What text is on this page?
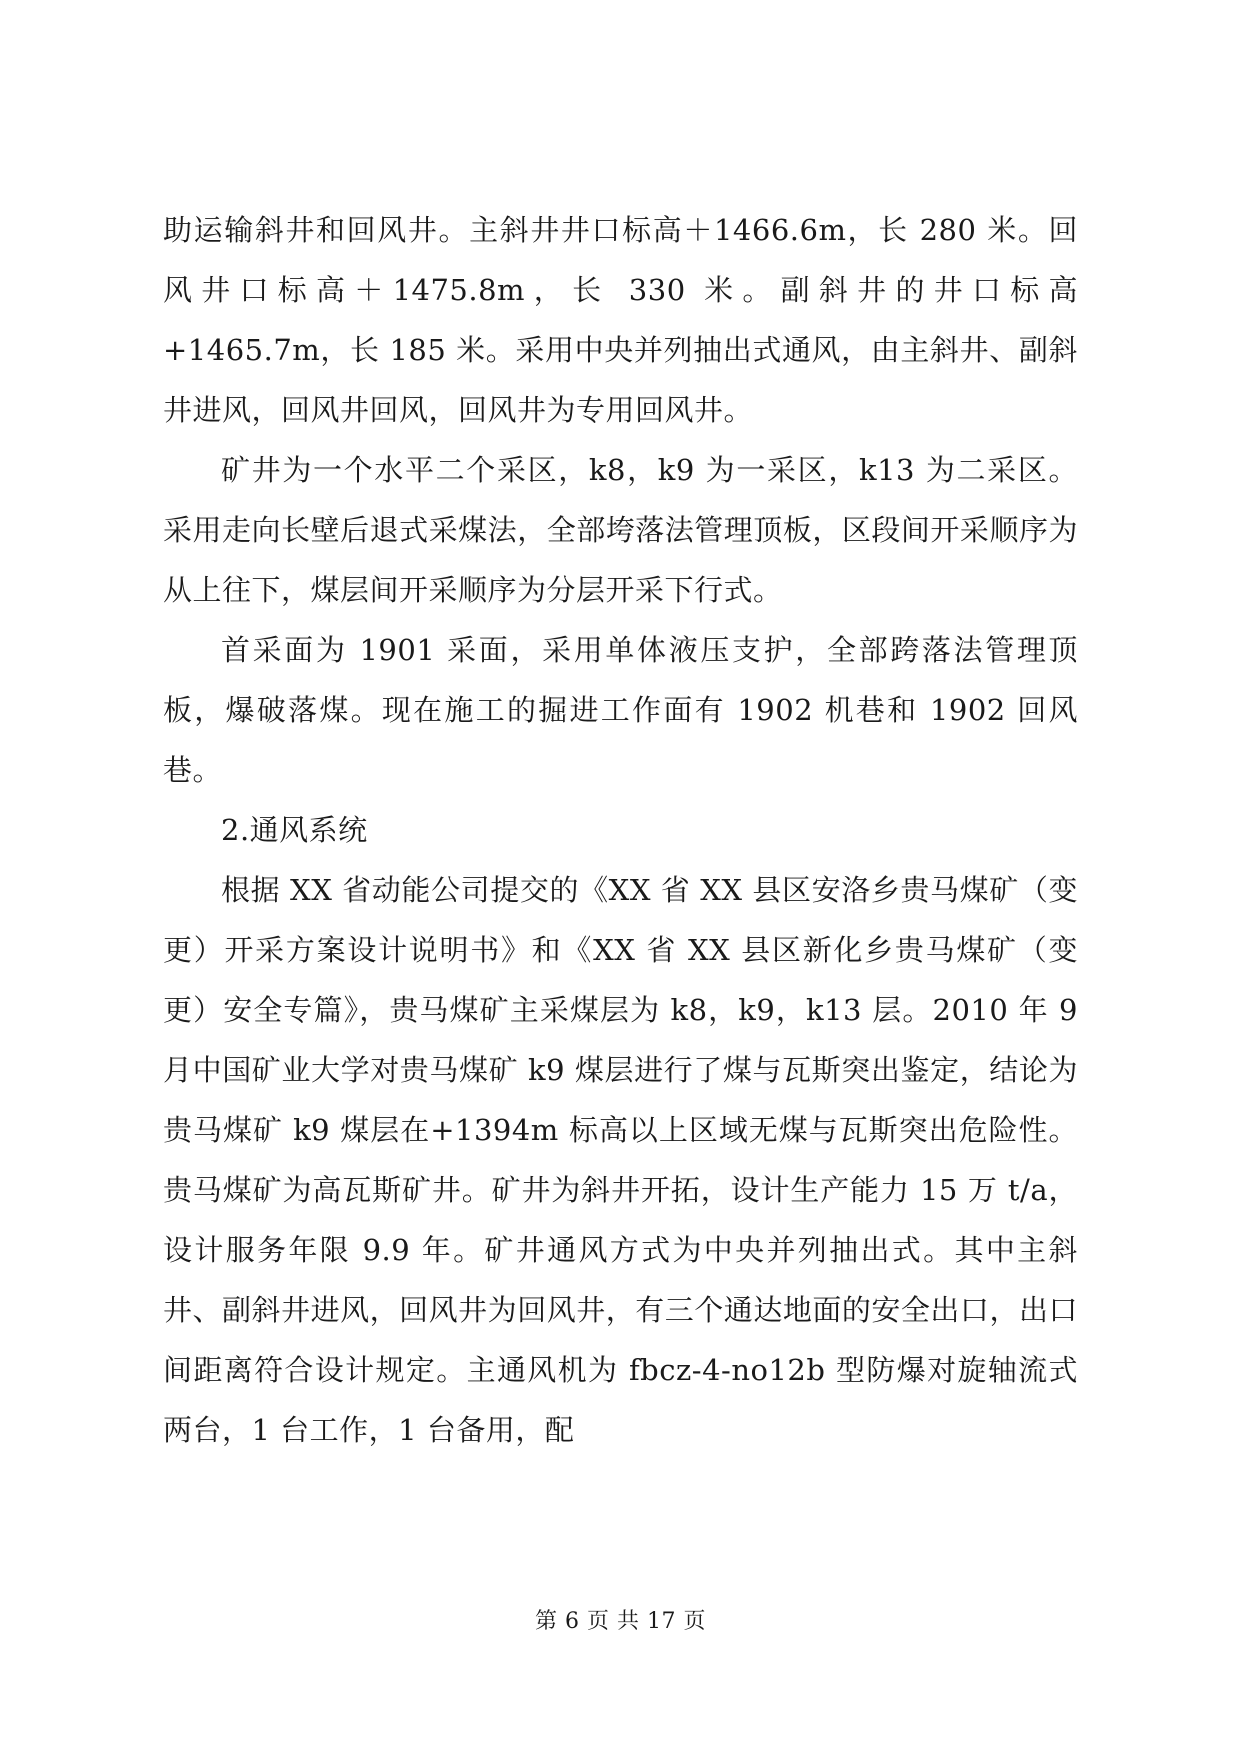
助运输斜井和回风井。主斜井井口标高＋1466.6m，长 280 米。回风井口标高＋1475.8m，长 330 米。副斜井的井口标高+1465.7m，长 185 米。采用中央并列抽出式通风，由主斜井、副斜井进风，回风井回风，回风井为专用回风井。

矿井为一个水平二个采区，k8，k9 为一采区，k13 为二采区。采用走向长壁后退式采煤法，全部垮落法管理顶板，区段间开采顺序为从上往下，煤层间开采顺序为分层开采下行式。

首采面为 1901 采面，采用单体液压支护，全部跨落法管理顶板，爆破落煤。现在施工的掘进工作面有 1902 机巷和 1902 回风巷。

2.通风系统

根据 XX 省动能公司提交的《XX 省 XX 县区安洛乡贵马煤矿（变更）开采方案设计说明书》和《XX 省 XX 县区新化乡贵马煤矿（变更）安全专篇》，贵马煤矿主采煤层为 k8，k9，k13 层。2010 年 9 月中国矿业大学对贵马煤矿 k9 煤层进行了煤与瓦斯突出鉴定，结论为贵马煤矿 k9 煤层在+1394m 标高以上区域无煤与瓦斯突出危险性。贵马煤矿为高瓦斯矿井。矿井为斜井开拓，设计生产能力 15 万 t/a，设计服务年限 9.9 年。矿井通风方式为中央并列抽出式。其中主斜井、副斜井进风，回风井为回风井，有三个通达地面的安全出口，出口间距离符合设计规定。主通风机为 fbcz-4-no12b 型防爆对旋轴流式两台，1 台工作，1 台备用，配

第 6 页 共 17 页
